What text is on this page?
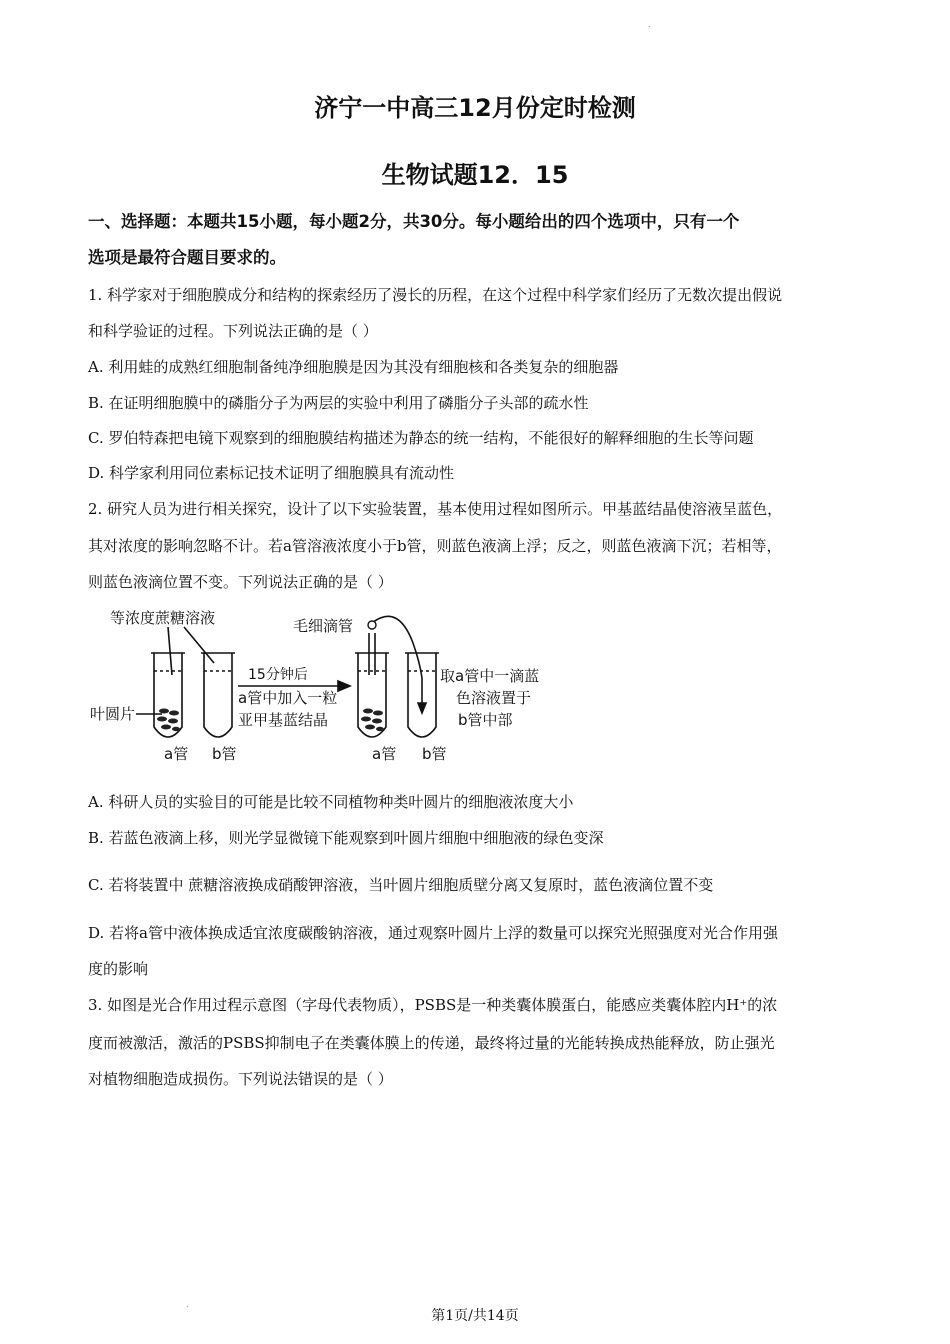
.
济宁一中高三12月份定时检测
生物试题12．15
一、选择题：本题共15小题，每小题2分，共30分。每小题给出的四个选项中，只有一个
选项是最符合题目要求的。
1. 科学家对于细胞膜成分和结构的探索经历了漫长的历程，在这个过程中科学家们经历了无数次提出假说
和科学验证的过程。下列说法正确的是（ ）
A. 利用蛙的成熟红细胞制备纯净细胞膜是因为其没有细胞核和各类复杂的细胞器
B. 在证明细胞膜中的磷脂分子为两层的实验中利用了磷脂分子头部的疏水性
C. 罗伯特森把电镜下观察到的细胞膜结构描述为静态的统一结构，不能很好的解释细胞的生长等问题
D. 科学家利用同位素标记技术证明了细胞膜具有流动性
2. 研究人员为进行相关探究，设计了以下实验装置，基本使用过程如图所示。甲基蓝结晶使溶液呈蓝色，
其对浓度的影响忽略不计。若a管溶液浓度小于b管，则蓝色液滴上浮；反之，则蓝色液滴下沉；若相等，
则蓝色液滴位置不变。下列说法正确的是（ ）
等浓度蔗糖溶液	毛细滴管
叶圆片
15分钟后
a管中加入一粒
亚甲基蓝结晶
取a管中一滴蓝
色溶液置于
b管中部
a管 b管	a管 b管
A. 科研人员的实验目的可能是比较不同植物种类叶圆片的细胞液浓度大小
B. 若蓝色液滴上移，则光学显微镜下能观察到叶圆片细胞中细胞液的绿色变深
C. 若将装置中 蔗糖溶液换成硝酸钾溶液，当叶圆片细胞质壁分离又复原时，蓝色液滴位置不变
D. 若将a管中液体换成适宜浓度碳酸钠溶液，通过观察叶圆片上浮的数量可以探究光照强度对光合作用强
度的影响
3. 如图是光合作用过程示意图（字母代表物质），PSBS是一种类囊体膜蛋白，能感应类囊体腔内H⁺的浓
度而被激活，激活的PSBS抑制电子在类囊体膜上的传递，最终将过量的光能转换成热能释放，防止强光
对植物细胞造成损伤。下列说法错误的是（ ）
.
第1页/共14页
